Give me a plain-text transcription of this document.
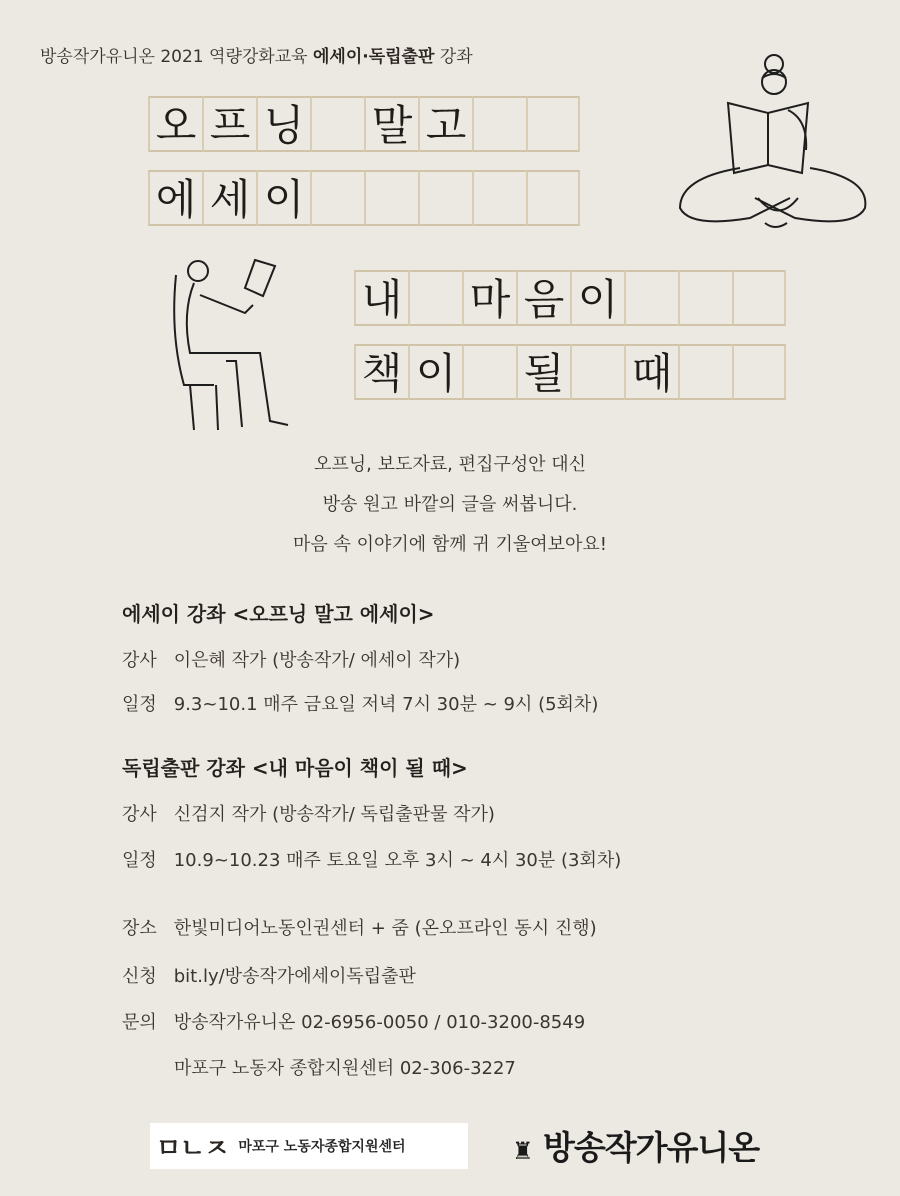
방송작가유니온 2021 역량강화교육 에세이·독립출판 강좌
오 프 닝 말 고
에 세 이
내 마 음 이
책 이 될 때
오프닝, 보도자료, 편집구성안 대신
방송 원고 바깥의 글을 써봅니다.
마음 속 이야기에 함께 귀 기울여보아요!
에세이 강좌 <오프닝 말고 에세이>
강사 이은혜 작가 (방송작가/ 에세이 작가)
일정 9.3~10.1 매주 금요일 저녁 7시 30분 ~ 9시 (5회차)
독립출판 강좌 <내 마음이 책이 될 때>
강사 신검지 작가 (방송작가/ 독립출판물 작가)
일정 10.9~10.23 매주 토요일 오후 3시 ~ 4시 30분 (3회차)
장소 한빛미디어노동인권센터 + 줌 (온오프라인 동시 진행)
신청 bit.ly/방송작가에세이독립출판
문의 방송작가유니온 02-6956-0050 / 010-3200-8549
마포구 노동자 종합지원센터 02-306-3227
ㅁㄴㅈ 마포구 노동자종합지원센터	♜ 방송작가유니온
